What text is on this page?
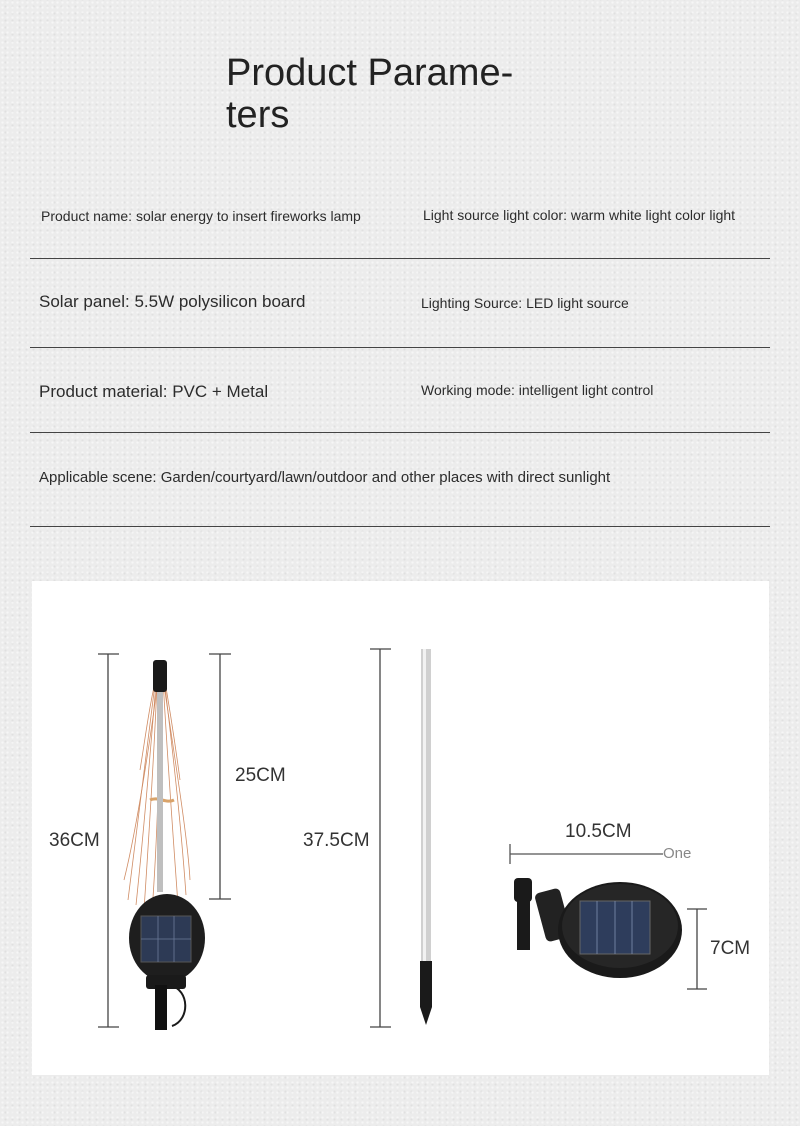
Product Parame-ters
Product name: solar energy to insert fireworks lamp	Light source light color: warm white light color light
Solar panel: 5.5W polysilicon board	Lighting Source: LED light source
Product material: PVC + Metal	Working mode: intelligent light control
Applicable scene: Garden/courtyard/lawn/outdoor and other places with direct sunlight
36CM
25CM
37.5CM	10.5CM
One
7CM
